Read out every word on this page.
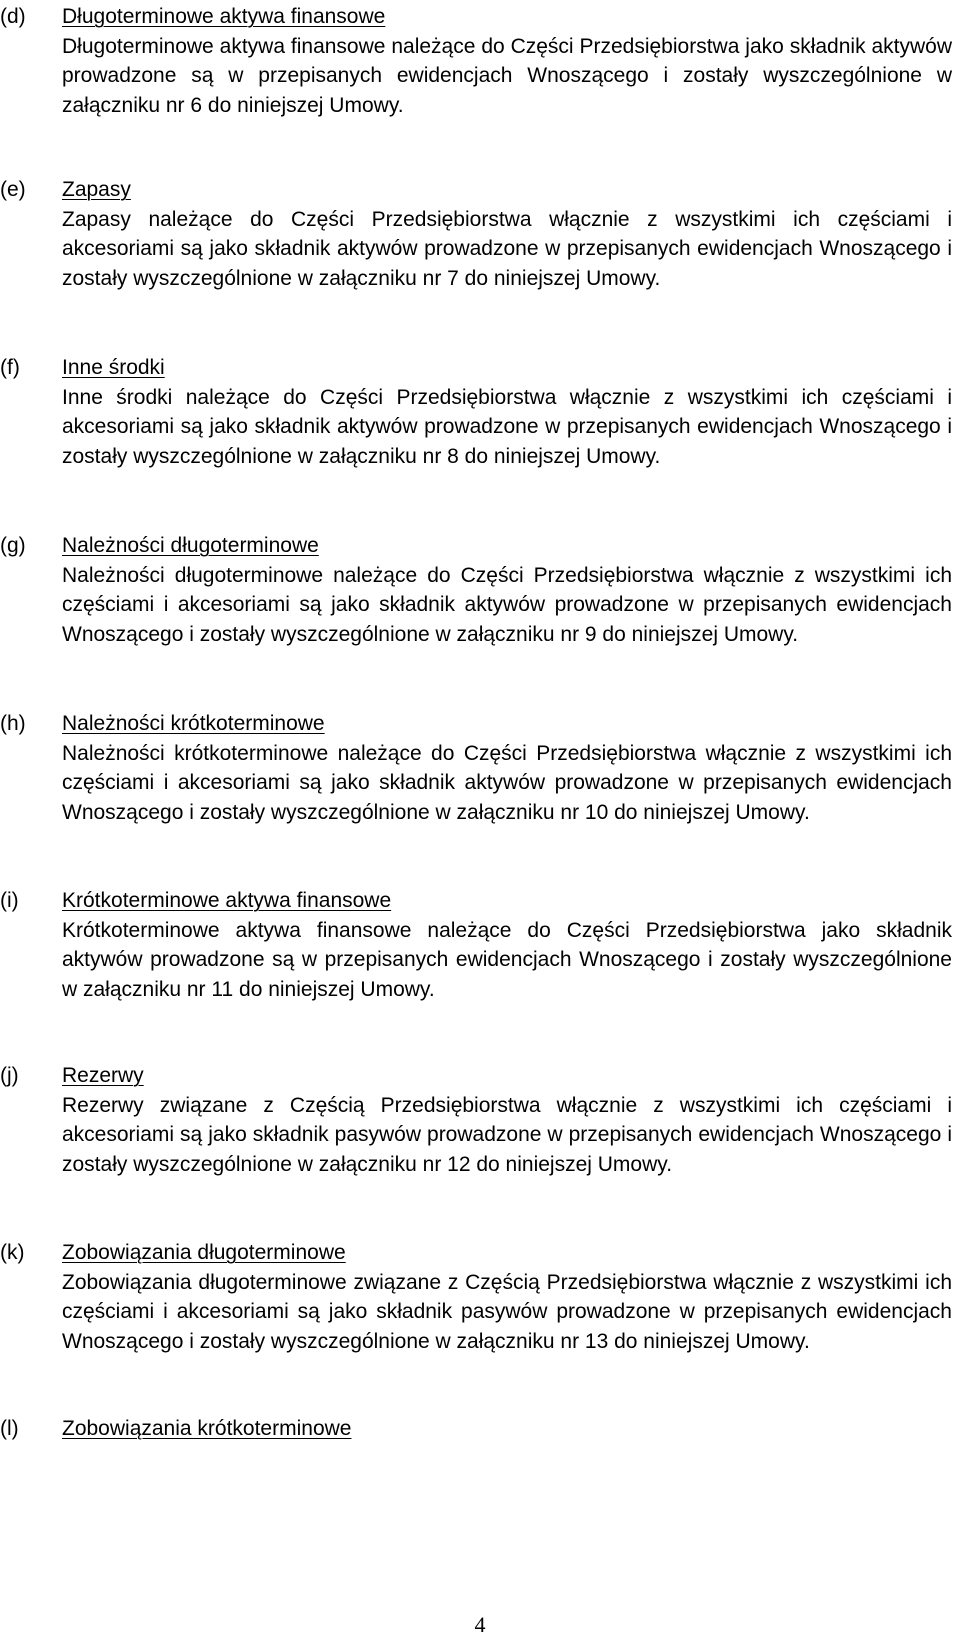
(d) Długoterminowe aktywa finansowe
Długoterminowe aktywa finansowe należące do Części Przedsiębiorstwa jako składnik aktywów prowadzone są w przepisanych ewidencjach Wnoszącego i zostały wyszczególnione w załączniku nr 6 do niniejszej Umowy.
(e) Zapasy
Zapasy należące do Części Przedsiębiorstwa włącznie z wszystkimi ich częściami i akcesoriami są jako składnik aktywów prowadzone w przepisanych ewidencjach Wnoszącego i zostały wyszczególnione w załączniku nr 7 do niniejszej Umowy.
(f) Inne środki
Inne środki należące do Części Przedsiębiorstwa włącznie z wszystkimi ich częściami i akcesoriami są jako składnik aktywów prowadzone w przepisanych ewidencjach Wnoszącego i zostały wyszczególnione w załączniku nr 8 do niniejszej Umowy.
(g) Należności długoterminowe
Należności długoterminowe należące do Części Przedsiębiorstwa włącznie z wszystkimi ich częściami i akcesoriami są jako składnik aktywów prowadzone w przepisanych ewidencjach Wnoszącego i zostały wyszczególnione w załączniku nr 9 do niniejszej Umowy.
(h) Należności krótkoterminowe
Należności krótkoterminowe należące do Części Przedsiębiorstwa włącznie z wszystkimi ich częściami i akcesoriami są jako składnik aktywów prowadzone w przepisanych ewidencjach Wnoszącego i zostały wyszczególnione w załączniku nr 10 do niniejszej Umowy.
(i) Krótkoterminowe aktywa finansowe
Krótkoterminowe aktywa finansowe należące do Części Przedsiębiorstwa jako składnik aktywów prowadzone są w przepisanych ewidencjach Wnoszącego i zostały wyszczególnione w załączniku nr 11 do niniejszej Umowy.
(j) Rezerwy
Rezerwy związane z Częścią Przedsiębiorstwa włącznie z wszystkimi ich częściami i akcesoriami są jako składnik pasywów prowadzone w przepisanych ewidencjach Wnoszącego i zostały wyszczególnione w załączniku nr 12 do niniejszej Umowy.
(k) Zobowiązania długoterminowe
Zobowiązania długoterminowe związane z Częścią Przedsiębiorstwa włącznie z wszystkimi ich częściami i akcesoriami są jako składnik pasywów prowadzone w przepisanych ewidencjach Wnoszącego i zostały wyszczególnione w załączniku nr 13 do niniejszej Umowy.
(l) Zobowiązania krótkoterminowe
4
